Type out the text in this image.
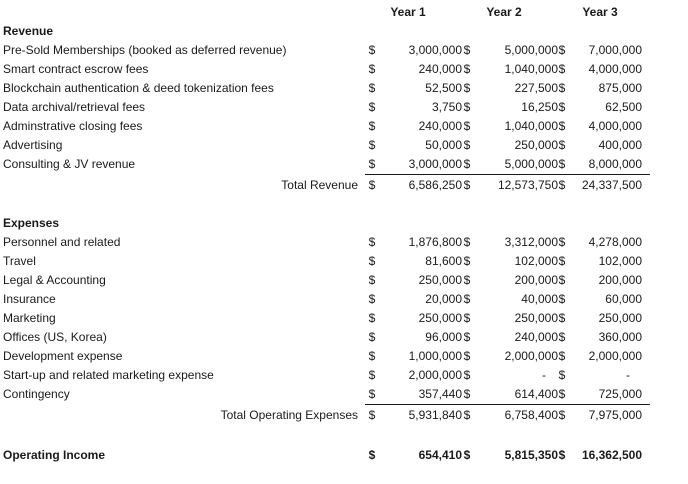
Year 1	Year 2	Year 3
Revenue
Pre-Sold Memberships (booked as deferred revenue)	$	3,000,000 $	5,000,000 $ 7,000,000
Smart contract escrow fees	$	240,000 $	1,040,000 $ 4,000,000
Blockchain authentication & deed tokenization fees	$	52,500 $	227,500 $	875,000
Data archival/retrieval fees	$	3,750 $	16,250 $	62,500
Adminstrative closing fees	$	240,000 $	1,040,000 $ 4,000,000
Advertising	$	50,000 $	250,000 $	400,000
Consulting & JV revenue	$	3,000,000 $	5,000,000 $ 8,000,000
Total Revenue $	6,586,250 $ 12,573,750 $ 24,337,500
Expenses
Personnel and related	$	1,876,800 $	3,312,000 $ 4,278,000
Travel	$	81,600 $	102,000 $	102,000
Legal & Accounting	$	250,000 $	200,000 $	200,000
Insurance	$	20,000 $	40,000 $	60,000
Marketing	$	250,000 $	250,000 $	250,000
Offices (US, Korea)	$	96,000 $	240,000 $	360,000
Development expense	$	1,000,000 $	2,000,000 $ 2,000,000
Start-up and related marketing expense	$	2,000,000 $	- $	-
Contingency	$	357,440 $	614,400 $	725,000
Total Operating Expenses $	5,931,840 $	6,758,400 $ 7,975,000
Operating Income	$	654,410 $	5,815,350 $ 16,362,500
